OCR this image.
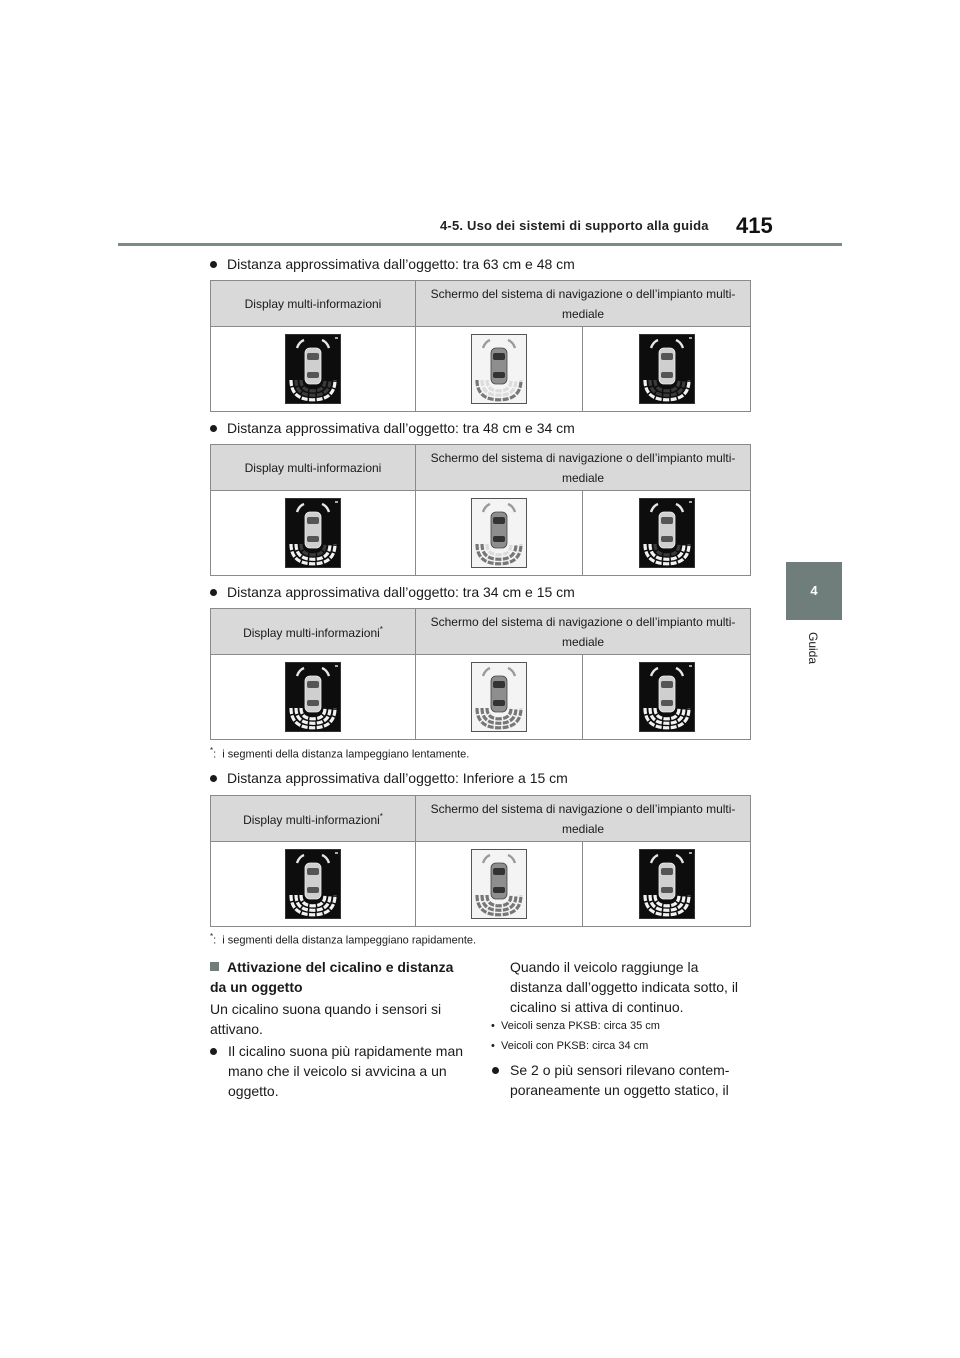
4-5. Uso dei sistemi di supporto alla guida 415
4
Guida
Distanza approssimativa dall’oggetto: tra 63 cm e 48 cm
Display multi-informazioni	Schermo del sistema di navigazione o dell’impianto multi-mediale	

Distanza approssimativa dall’oggetto: tra 48 cm e 34 cm
Display multi-informazioni	Schermo del sistema di navigazione o dell’impianto multi-mediale	

Distanza approssimativa dall’oggetto: tra 34 cm e 15 cm
Display multi-informazioni*	Schermo del sistema di navigazione o dell’impianto multi-mediale	

*:  i segmenti della distanza lampeggiano lentamente.
Distanza approssimativa dall’oggetto: Inferiore a 15 cm
Display multi-informazioni*	Schermo del sistema di navigazione o dell’impianto multi-mediale	

*:  i segmenti della distanza lampeggiano rapidamente.
Attivazione del cicalino e distanza da un oggetto
Un cicalino suona quando i sensori si attivano.
Il cicalino suona più rapidamente man mano che il veicolo si avvicina a un oggetto.
Quando il veicolo raggiunge la distanza dall’oggetto indicata sotto, il cicalino si attiva di continuo.
•  Veicoli senza PKSB: circa 35 cm
•  Veicoli con PKSB: circa 34 cm
Se 2 o più sensori rilevano contem-poraneamente un oggetto statico, il
